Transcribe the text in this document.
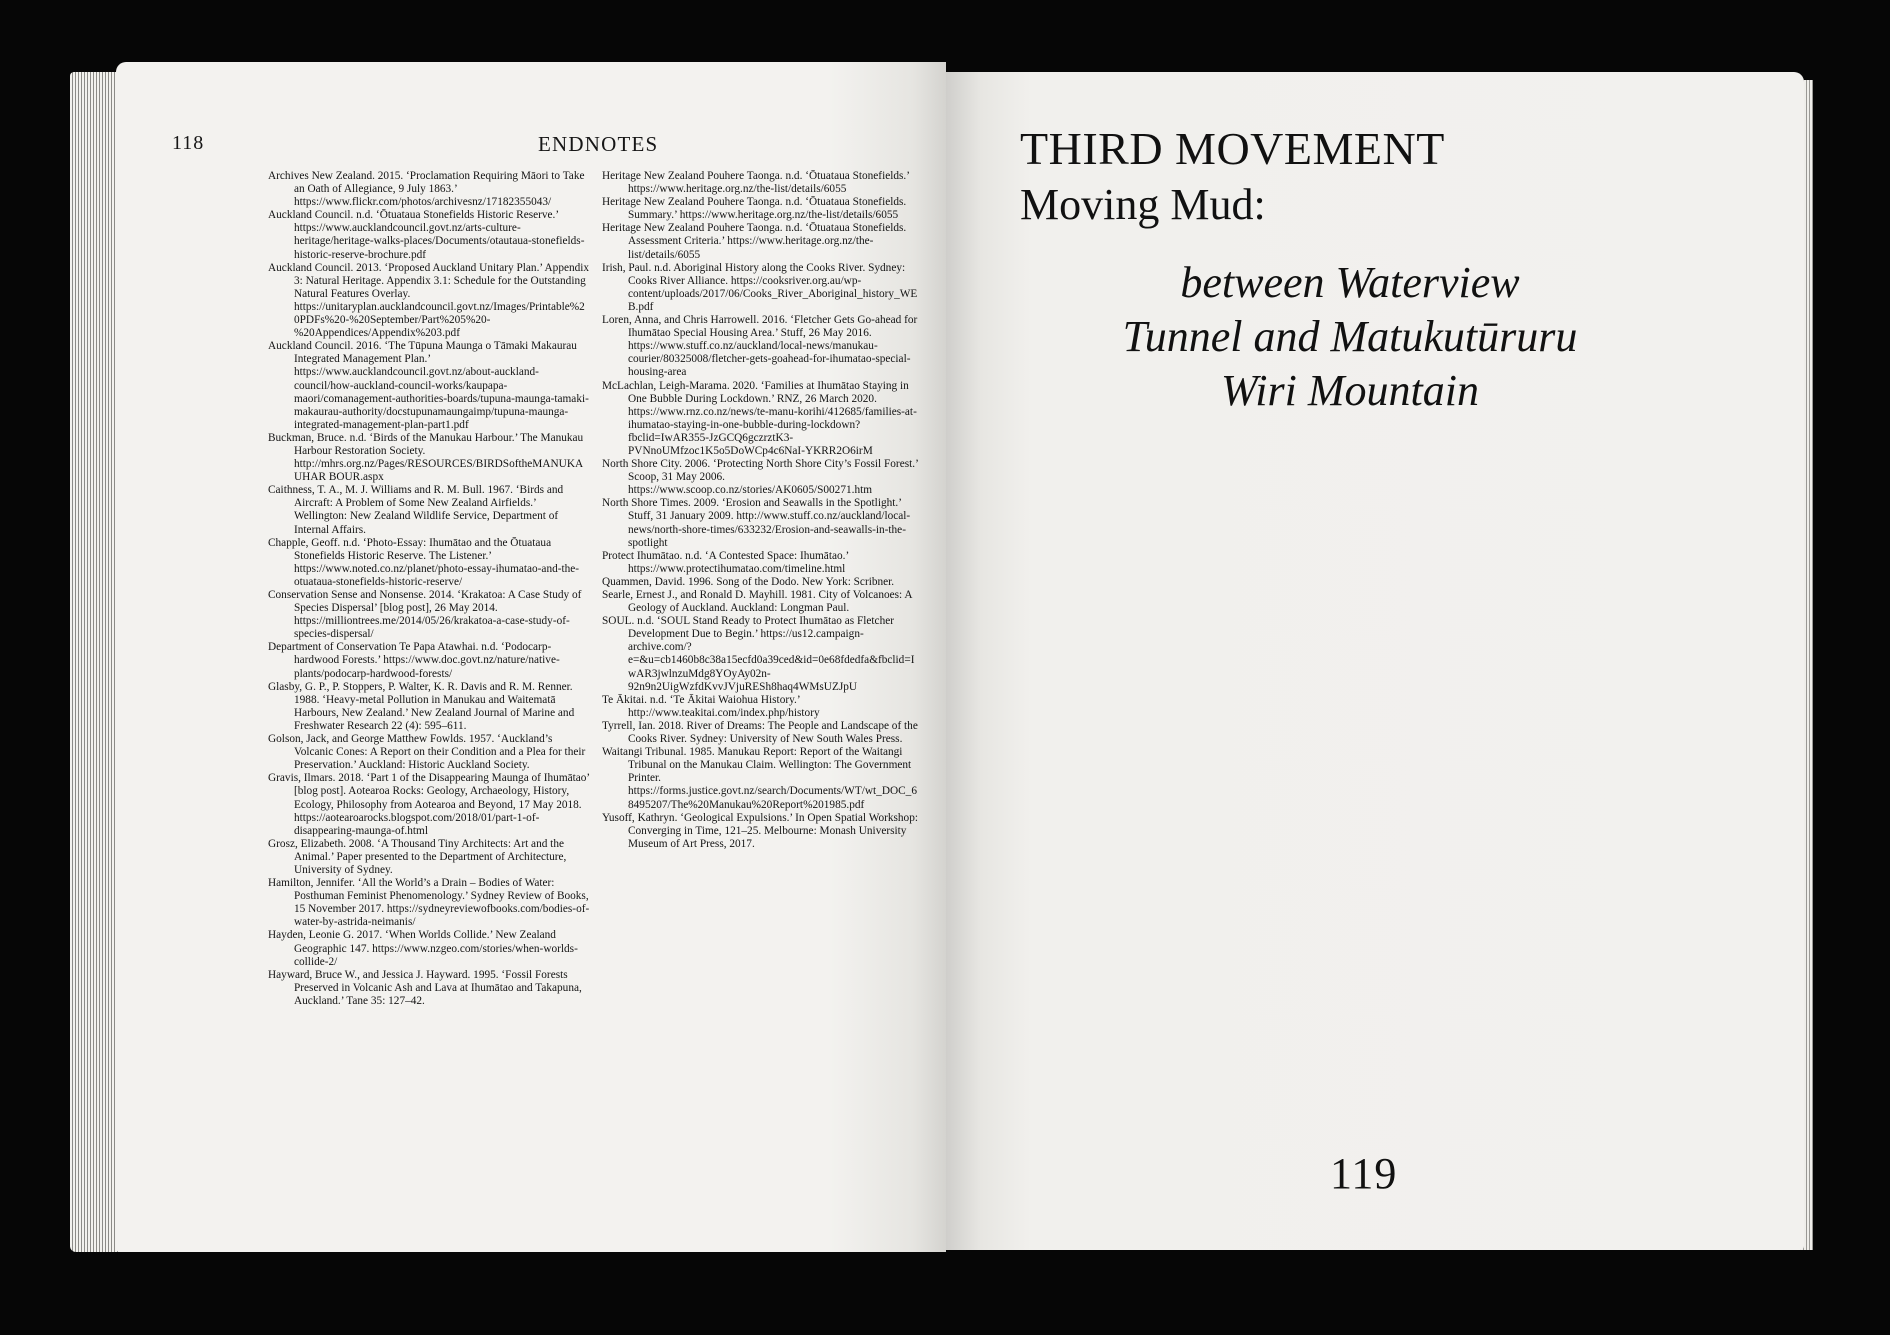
118	ENDNOTES

Archives New Zealand. 2015. ‘Proclamation Requiring Māori to Take an Oath of Allegiance, 9 July 1863.’ https://www.flickr.com/photos/archivesnz/17182355043/

Auckland Council. n.d. ‘Ōtuataua Stonefields Historic Reserve.’ https://www.aucklandcouncil.govt.nz/arts-culture-heritage/heritage-walks-places/Documents/otautaua-stonefields-historic-reserve-brochure.pdf

Auckland Council. 2013. ‘Proposed Auckland Unitary Plan.’ Appendix 3: Natural Heritage. Appendix 3.1: Schedule for the Outstanding Natural Features Overlay. https://unitaryplan.aucklandcouncil.govt.nz/Images/Printable%20PDFs%20-%20September/Part%205%20-%20Appendices/Appendix%203.pdf

Auckland Council. 2016. ‘The Tūpuna Maunga o Tāmaki Makaurau Integrated Management Plan.’ https://www.aucklandcouncil.govt.nz/about-auckland-council/how-auckland-council-works/kaupapa-maori/comanagement-authorities-boards/tupuna-maunga-tamaki-makaurau-authority/docstupunamaungaimp/tupuna-maunga-integrated-management-plan-part1.pdf

Buckman, Bruce. n.d. ‘Birds of the Manukau Harbour.’ The Manukau Harbour Restoration Society. http://mhrs.org.nz/Pages/RESOURCES/BIRDSoftheMANUKAUHAR BOUR.aspx

Caithness, T. A., M. J. Williams and R. M. Bull. 1967. ‘Birds and Aircraft: A Problem of Some New Zealand Airfields.’ Wellington: New Zealand Wildlife Service, Department of Internal Affairs.

Chapple, Geoff. n.d. ‘Photo-Essay: Ihumātao and the Ōtuataua Stonefields Historic Reserve. The Listener.’ https://www.noted.co.nz/planet/photo-essay-ihumatao-and-the-otuataua-stonefields-historic-reserve/

Conservation Sense and Nonsense. 2014. ‘Krakatoa: A Case Study of Species Dispersal’ [blog post], 26 May 2014. https://milliontrees.me/2014/05/26/krakatoa-a-case-study-of-species-dispersal/

Department of Conservation Te Papa Atawhai. n.d. ‘Podocarp-hardwood Forests.’ https://www.doc.govt.nz/nature/native-plants/podocarp-hardwood-forests/

Glasby, G. P., P. Stoppers, P. Walter, K. R. Davis and R. M. Renner. 1988. ‘Heavy-metal Pollution in Manukau and Waitematā Harbours, New Zealand.’ New Zealand Journal of Marine and Freshwater Research 22 (4): 595–611.

Golson, Jack, and George Matthew Fowlds. 1957. ‘Auckland’s Volcanic Cones: A Report on their Condition and a Plea for their Preservation.’ Auckland: Historic Auckland Society.

Gravis, Ilmars. 2018. ‘Part 1 of the Disappearing Maunga of Ihumātao’ [blog post]. Aotearoa Rocks: Geology, Archaeology, History, Ecology, Philosophy from Aotearoa and Beyond, 17 May 2018. https://aotearoarocks.blogspot.com/2018/01/part-1-of-disappearing-maunga-of.html

Grosz, Elizabeth. 2008. ‘A Thousand Tiny Architects: Art and the Animal.’ Paper presented to the Department of Architecture, University of Sydney.

Hamilton, Jennifer. ‘All the World’s a Drain – Bodies of Water: Posthuman Feminist Phenomenology.’ Sydney Review of Books, 15 November 2017. https://sydneyreviewofbooks.com/bodies-of-water-by-astrida-neimanis/

Hayden, Leonie G. 2017. ‘When Worlds Collide.’ New Zealand Geographic 147. https://www.nzgeo.com/stories/when-worlds-collide-2/

Hayward, Bruce W., and Jessica J. Hayward. 1995. ‘Fossil Forests Preserved in Volcanic Ash and Lava at Ihumātao and Takapuna, Auckland.’ Tane 35: 127–42.

Heritage New Zealand Pouhere Taonga. n.d. ‘Ōtuataua Stonefields.’ https://www.heritage.org.nz/the-list/details/6055

Heritage New Zealand Pouhere Taonga. n.d. ‘Ōtuataua Stonefields. Summary.’ https://www.heritage.org.nz/the-list/details/6055

Heritage New Zealand Pouhere Taonga. n.d. ‘Ōtuataua Stonefields. Assessment Criteria.’ https://www.heritage.org.nz/the-list/details/6055

Irish, Paul. n.d. Aboriginal History along the Cooks River. Sydney: Cooks River Alliance. https://cooksriver.org.au/wp-content/uploads/2017/06/Cooks_River_Aboriginal_history_WEB.pdf

Loren, Anna, and Chris Harrowell. 2016. ‘Fletcher Gets Go-ahead for Ihumātao Special Housing Area.’ Stuff, 26 May 2016. https://www.stuff.co.nz/auckland/local-news/manukau-courier/80325008/fletcher-gets-goahead-for-ihumatao-special-housing-area

McLachlan, Leigh-Marama. 2020. ‘Families at Ihumātao Staying in One Bubble During Lockdown.’ RNZ, 26 March 2020. https://www.rnz.co.nz/news/te-manu-korihi/412685/families-at-ihumatao-staying-in-one-bubble-during-lockdown?fbclid=IwAR355-JzGCQ6gczrztK3-PVNnoUMfzoc1K5o5DoWCp4c6NaI-YKRR2O6irM

North Shore City. 2006. ‘Protecting North Shore City’s Fossil Forest.’ Scoop, 31 May 2006. https://www.scoop.co.nz/stories/AK0605/S00271.htm

North Shore Times. 2009. ‘Erosion and Seawalls in the Spotlight.’ Stuff, 31 January 2009. http://www.stuff.co.nz/auckland/local-news/north-shore-times/633232/Erosion-and-seawalls-in-the-spotlight

Protect Ihumātao. n.d. ‘A Contested Space: Ihumātao.’ https://www.protectihumatao.com/timeline.html

Quammen, David. 1996. Song of the Dodo. New York: Scribner.

Searle, Ernest J., and Ronald D. Mayhill. 1981. City of Volcanoes: A Geology of Auckland. Auckland: Longman Paul.

SOUL. n.d. ‘SOUL Stand Ready to Protect Ihumātao as Fletcher Development Due to Begin.’ https://us12.campaign-archive.com/?e=&u=cb1460b8c38a15ecfd0a39ced&id=0e68fdedfa&fbclid=IwAR3jwlnzuMdg8YOyAy02n-92n9n2UigWzfdKvvJVjuRESh8haq4WMsUZJpU

Te Ākitai. n.d. ‘Te Ākitai Waiohua History.’ http://www.teakitai.com/index.php/history

Tyrrell, Ian. 2018. River of Dreams: The People and Landscape of the Cooks River. Sydney: University of New South Wales Press.

Waitangi Tribunal. 1985. Manukau Report: Report of the Waitangi Tribunal on the Manukau Claim. Wellington: The Government Printer. https://forms.justice.govt.nz/search/Documents/WT/wt_DOC_68495207/The%20Manukau%20Report%201985.pdf

Yusoff, Kathryn. ‘Geological Expulsions.’ In Open Spatial Workshop: Converging in Time, 121–25. Melbourne: Monash University Museum of Art Press, 2017.

THIRD MOVEMENT
Moving Mud:
between Waterview
Tunnel and Matukutūruru
Wiri Mountain
119
